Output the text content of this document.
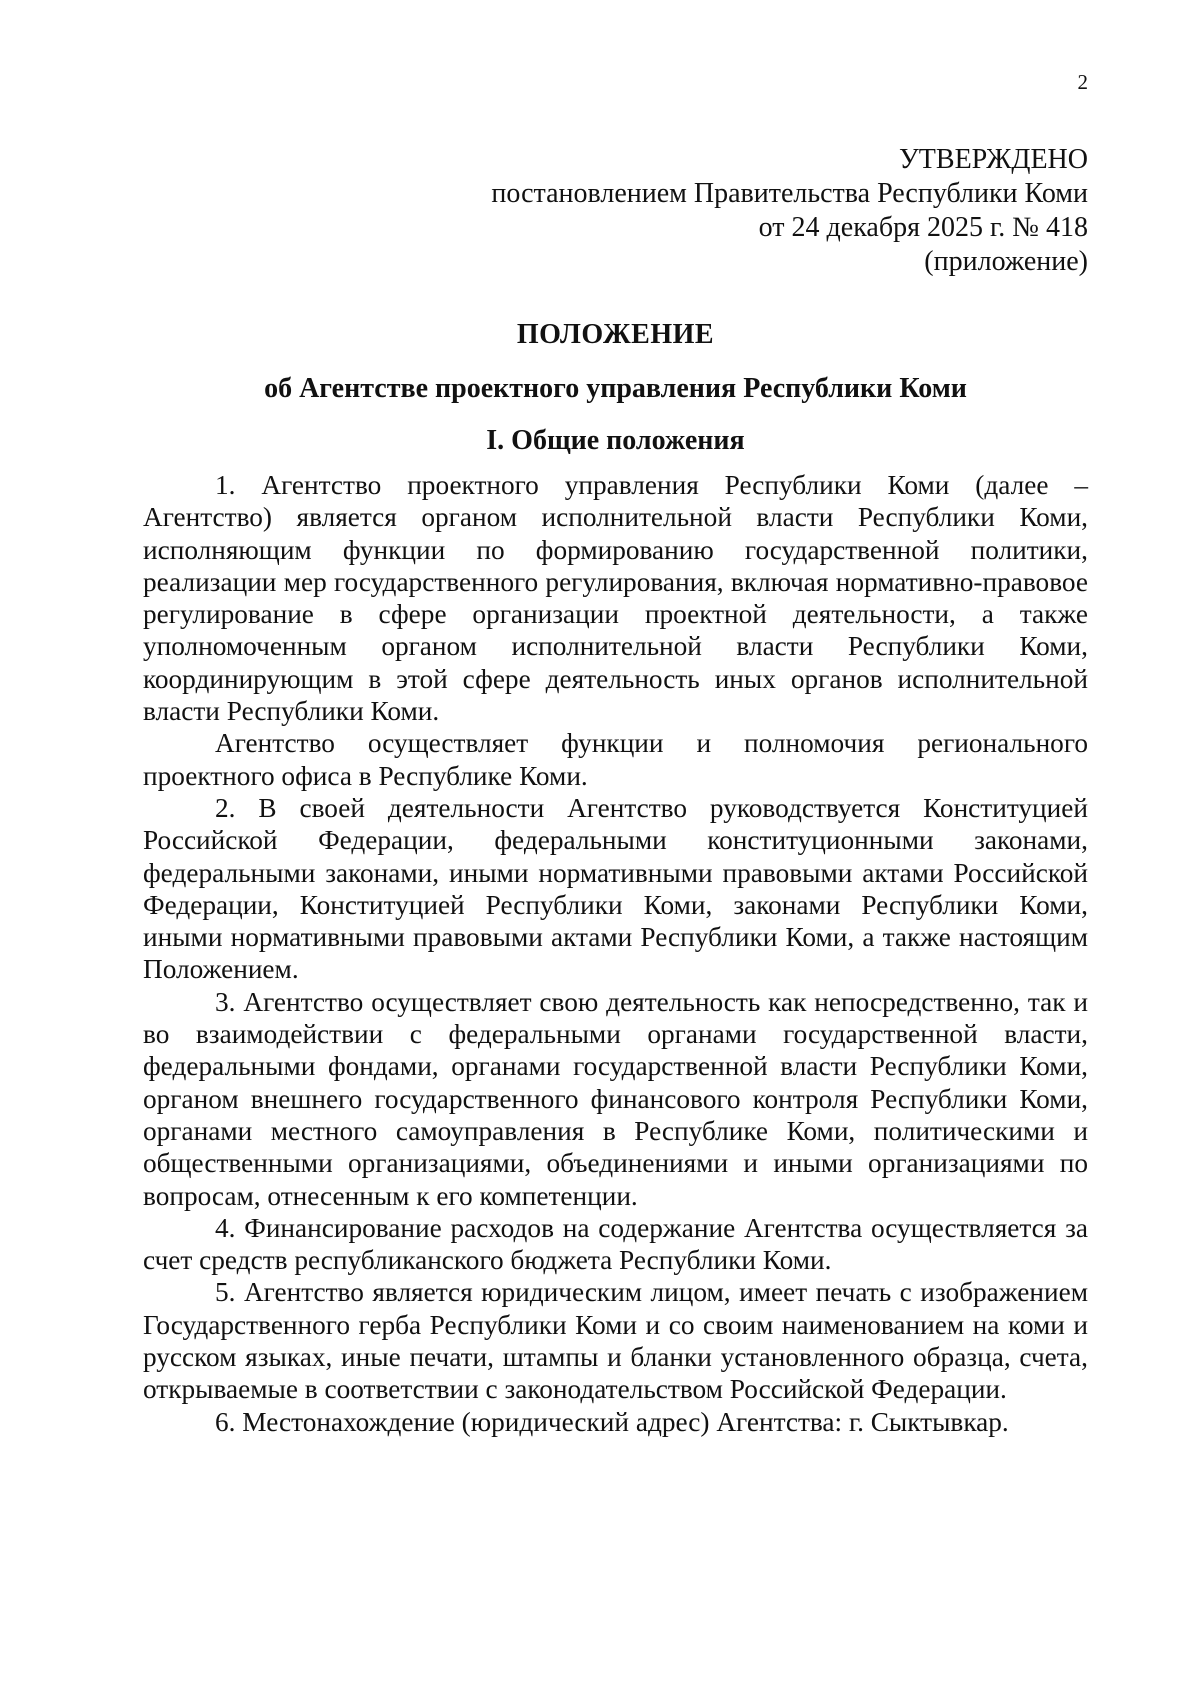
2
УТВЕРЖДЕНО
постановлением Правительства Республики Коми
от 24 декабря 2025 г. № 418
(приложение)
ПОЛОЖЕНИЕ
об Агентстве проектного управления Республики Коми
I. Общие положения

1. Агентство проектного управления Республики Коми (далее – Агентство) является органом исполнительной власти Республики Коми, исполняющим функции по формированию государственной политики, реализации мер государственного регулирования, включая нормативно-правовое регулирование в сфере организации проектной деятельности, а также уполномоченным органом исполнительной власти Республики Коми, координирующим в этой сфере деятельность иных органов исполнительной власти Республики Коми.

Агентство осуществляет функции и полномочия регионального проектного офиса в Республике Коми.

2. В своей деятельности Агентство руководствуется Конституцией Российской Федерации, федеральными конституционными законами, федеральными законами, иными нормативными правовыми актами Российской Федерации, Конституцией Республики Коми, законами Республики Коми, иными нормативными правовыми актами Республики Коми, а также настоящим Положением.

3. Агентство осуществляет свою деятельность как непосредственно, так и во взаимодействии с федеральными органами государственной власти, федеральными фондами, органами государственной власти Республики Коми, органом внешнего государственного финансового контроля Республики Коми, органами местного самоуправления в Республике Коми, политическими и общественными организациями, объединениями и иными организациями по вопросам, отнесенным к его компетенции.

4. Финансирование расходов на содержание Агентства осуществляется за счет средств республиканского бюджета Республики Коми.

5. Агентство является юридическим лицом, имеет печать с изображением Государственного герба Республики Коми и со своим наименованием на коми и русском языках, иные печати, штампы и бланки установленного образца, счета, открываемые в соответствии с законодательством Российской Федерации.

6. Местонахождение (юридический адрес) Агентства: г. Сыктывкар.
